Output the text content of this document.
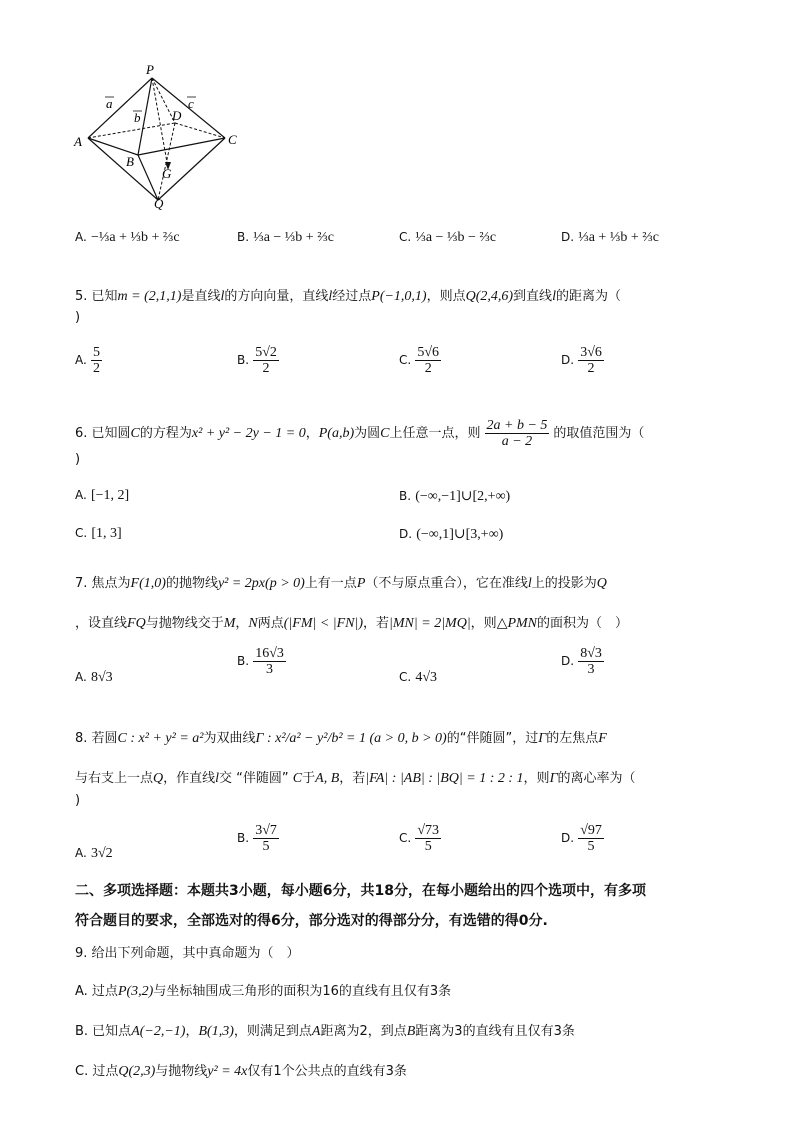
P
A
B
C
D
G
Q
a
b
c
A. −⅓a + ⅓b + ⅔c	B. ⅓a − ⅓b + ⅔c	C. ⅓a − ⅓b − ⅔c	D. ⅓a + ⅓b + ⅔c
5. 已知m = (2,1,1)是直线l的方向向量，直线l经过点P(−1,0,1)，则点Q(2,4,6)到直线l的距离为（
)
A. $\frac{5}{2}$	B. $\frac{5√2}{2}$	C. $\frac{5√6}{2}$	D. $\frac{3√6}{2}$
6. 已知圆C的方程为x² + y² − 2y − 1 = 0，P(a,b)为圆C上任意一点，则 $\frac{2a + b - 5}{a - 2}$ 的取值范围为（
)
A. [−1, 2]	B. (−∞,−1]∪[2,+∞)
C. [1, 3]	D. (−∞,1]∪[3,+∞)
7. 焦点为F(1,0)的抛物线y² = 2px(p > 0)上有一点P（不与原点重合），它在准线l上的投影为Q
，设直线FQ与抛物线交于M，N两点(|FM| < |FN|)，若|MN| = 2|MQ|，则△PMN的面积为（　）
A. 8√3
B. $\frac{16√3}{3}$	C. 4√3
D. $\frac{8√3}{3}$
8. 若圆C : x² + y² = a²为双曲线Γ : x²/a² − y²/b² = 1 (a > 0, b > 0)的“伴随圆”，过Γ的左焦点F
与右支上一点Q，作直线l交 “伴随圆” C于A, B，若|FA| : |AB| : |BQ| = 1 : 2 : 1，则Γ的离心率为（
)
A. 3√2
B. $\frac{3√7}{5}$	C. $\frac{√73}{5}$	D. $\frac{√97}{5}$
二、多项选择题：本题共3小题，每小题6分，共18分，在每小题给出的四个选项中，有多项
符合题目的要求，全部选对的得6分，部分选对的得部分分，有选错的得0分.
9. 给出下列命题，其中真命题为（　）
A. 过点P(3,2)与坐标轴围成三角形的面积为16的直线有且仅有3条
B. 已知点A(−2,−1)，B(1,3)，则满足到点A距离为2，到点B距离为3的直线有且仅有3条
C. 过点Q(2,3)与抛物线y² = 4x仅有1个公共点的直线有3条
